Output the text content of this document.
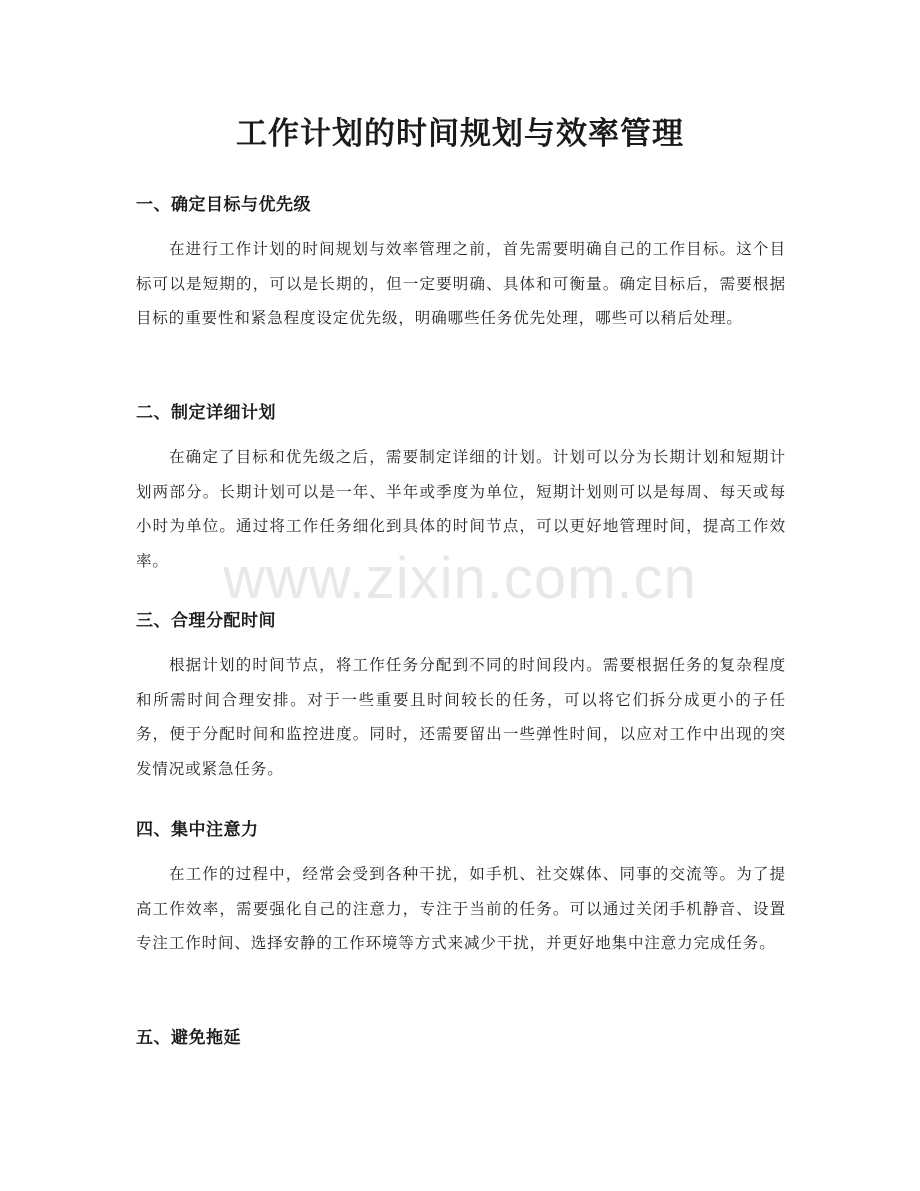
工作计划的时间规划与效率管理
一、确定目标与优先级

在进行工作计划的时间规划与效率管理之前，首先需要明确自己的工作目标。这个目标可以是短期的，可以是长期的，但一定要明确、具体和可衡量。确定目标后，需要根据目标的重要性和紧急程度设定优先级，明确哪些任务优先处理，哪些可以稍后处理。

二、制定详细计划

在确定了目标和优先级之后，需要制定详细的计划。计划可以分为长期计划和短期计划两部分。长期计划可以是一年、半年或季度为单位，短期计划则可以是每周、每天或每小时为单位。通过将工作任务细化到具体的时间节点，可以更好地管理时间，提高工作效率。 www.zixin.com.cn
三、合理分配时间

根据计划的时间节点，将工作任务分配到不同的时间段内。需要根据任务的复杂程度和所需时间合理安排。对于一些重要且时间较长的任务，可以将它们拆分成更小的子任务，便于分配时间和监控进度。同时，还需要留出一些弹性时间，以应对工作中出现的突发情况或紧急任务。

四、集中注意力

在工作的过程中，经常会受到各种干扰，如手机、社交媒体、同事的交流等。为了提高工作效率，需要强化自己的注意力，专注于当前的任务。可以通过关闭手机静音、设置专注工作时间、选择安静的工作环境等方式来减少干扰，并更好地集中注意力完成任务。

五、避免拖延
